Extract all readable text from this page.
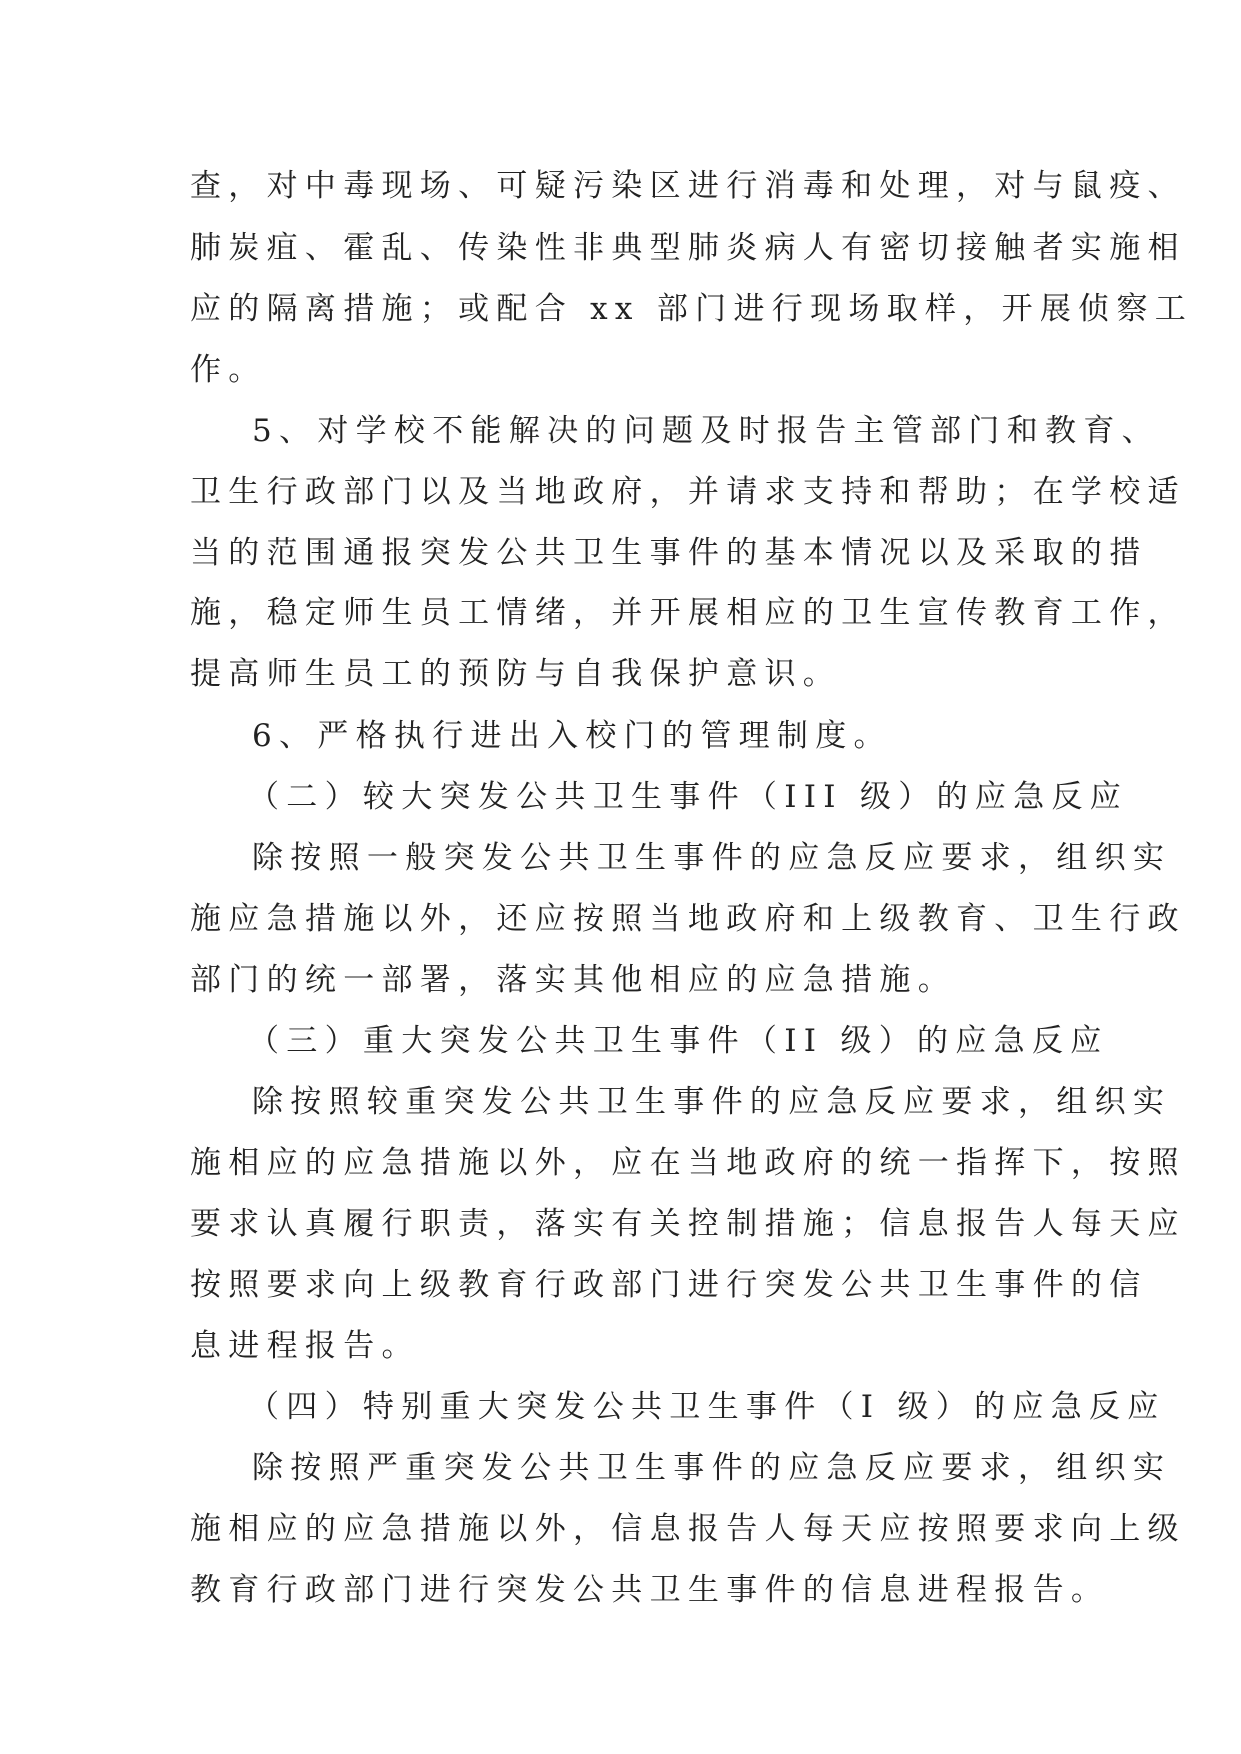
查，对中毒现场、可疑污染区进行消毒和处理，对与鼠疫、
肺炭疽、霍乱、传染性非典型肺炎病人有密切接触者实施相
应的隔离措施；或配合 xx 部门进行现场取样，开展侦察工
作。
5、对学校不能解决的问题及时报告主管部门和教育、
卫生行政部门以及当地政府，并请求支持和帮助；在学校适
当的范围通报突发公共卫生事件的基本情况以及采取的措
施，稳定师生员工情绪，并开展相应的卫生宣传教育工作，
提高师生员工的预防与自我保护意识。
6、严格执行进出入校门的管理制度。
（二）较大突发公共卫生事件（III 级）的应急反应
除按照一般突发公共卫生事件的应急反应要求，组织实
施应急措施以外，还应按照当地政府和上级教育、卫生行政
部门的统一部署，落实其他相应的应急措施。
（三）重大突发公共卫生事件（II 级）的应急反应
除按照较重突发公共卫生事件的应急反应要求，组织实
施相应的应急措施以外，应在当地政府的统一指挥下，按照
要求认真履行职责，落实有关控制措施；信息报告人每天应
按照要求向上级教育行政部门进行突发公共卫生事件的信
息进程报告。
（四）特别重大突发公共卫生事件（I 级）的应急反应
除按照严重突发公共卫生事件的应急反应要求，组织实
施相应的应急措施以外，信息报告人每天应按照要求向上级
教育行政部门进行突发公共卫生事件的信息进程报告。
